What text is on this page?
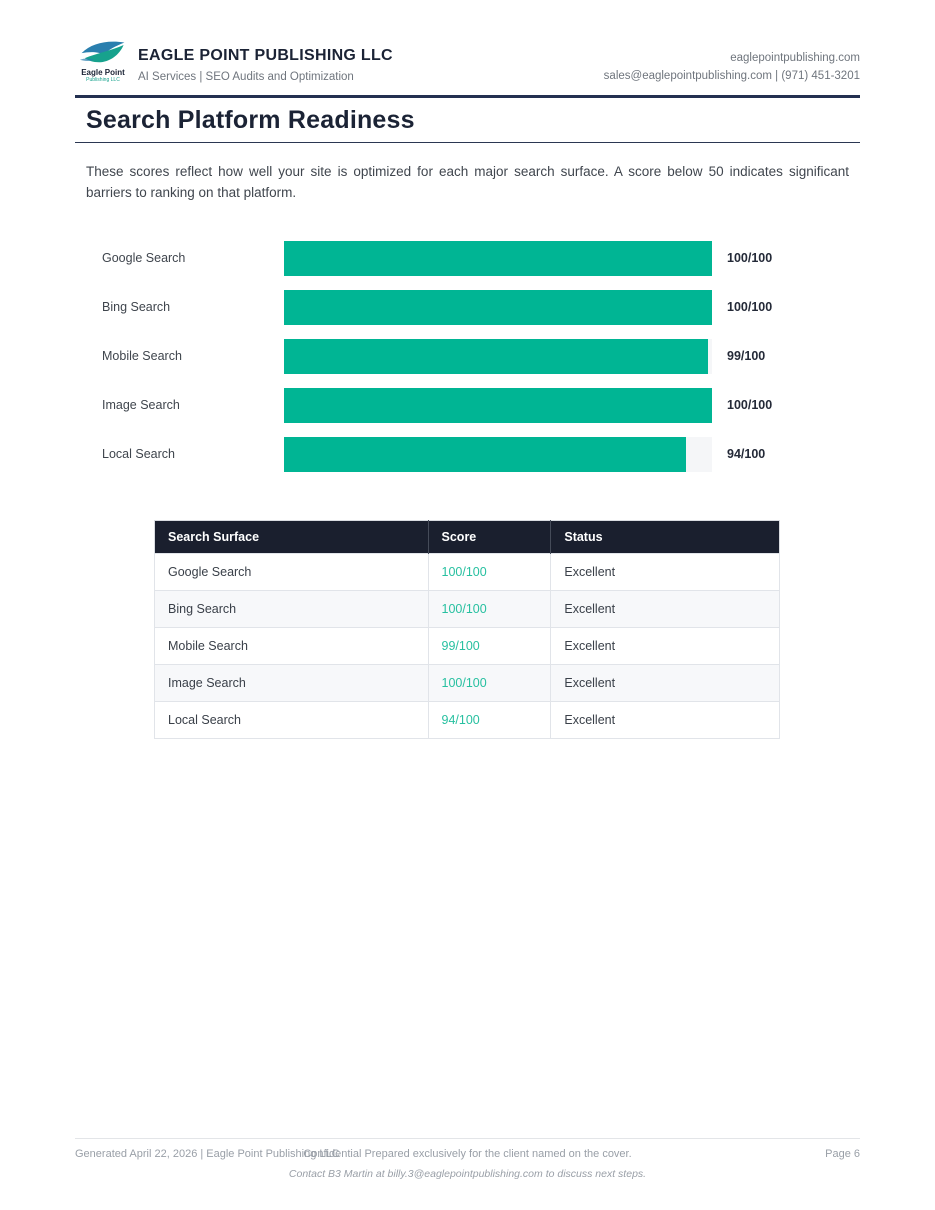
Eagle Point
Publishing LLC
EAGLE POINT PUBLISHING LLC
AI Services | SEO Audits and Optimization
eaglepointpublishing.com
sales@eaglepointpublishing.com | (971) 451-3201
Search Platform Readiness

These scores reflect how well your site is optimized for each major search surface. A score below 50 indicates significant barriers to ranking on that platform.

Google Search	100/100
Bing Search	100/100
Mobile Search	99/100
Image Search	100/100
Local Search	94/100
Search Surface	Score	Status
Google Search	100/100	Excellent
Bing Search	100/100	Excellent
Mobile Search	99/100	Excellent
Image Search	100/100	Excellent
Local Search	94/100	Excellent
Generated April 22, 2026 | Eagle Point Publishing LLC
Confidential Prepared exclusively for the client named on the cover.	Page 6
Contact B3 Martin at billy.3@eaglepointpublishing.com to discuss next steps.
